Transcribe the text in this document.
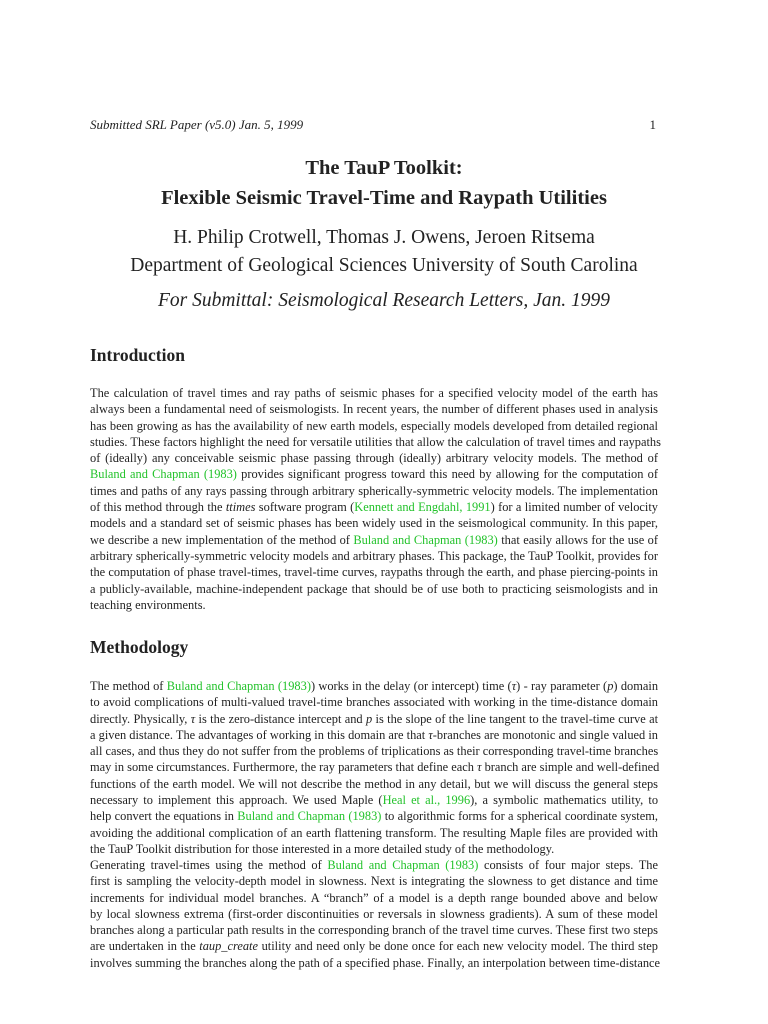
Submitted SRL Paper (v5.0) Jan. 5, 1999	1
The TauP Toolkit:
Flexible Seismic Travel-Time and Raypath Utilities
H. Philip Crotwell, Thomas J. Owens, Jeroen Ritsema
Department of Geological Sciences University of South Carolina
For Submittal: Seismological Research Letters, Jan. 1999
Introduction
The calculation of travel times and ray paths of seismic phases for a specified velocity model of the earth has
always been a fundamental need of seismologists. In recent years, the number of different phases used in analysis
has been growing as has the availability of new earth models, especially models developed from detailed regional
studies. These factors highlight the need for versatile utilities that allow the calculation of travel times and raypaths
of (ideally) any conceivable seismic phase passing through (ideally) arbitrary velocity models. The method of
Buland and Chapman (1983) provides significant progress toward this need by allowing for the computation of
times and paths of any rays passing through arbitrary spherically-symmetric velocity models. The implementation
of this method through the ttimes software program (Kennett and Engdahl, 1991) for a limited number of velocity
models and a standard set of seismic phases has been widely used in the seismological community. In this paper,
we describe a new implementation of the method of Buland and Chapman (1983) that easily allows for the use of
arbitrary spherically-symmetric velocity models and arbitrary phases. This package, the TauP Toolkit, provides for
the computation of phase travel-times, travel-time curves, raypaths through the earth, and phase piercing-points in
a publicly-available, machine-independent package that should be of use both to practicing seismologists and in
teaching environments.
Methodology
The method of Buland and Chapman (1983)) works in the delay (or intercept) time (τ) - ray parameter (p) domain
to avoid complications of multi-valued travel-time branches associated with working in the time-distance domain
directly. Physically, τ is the zero-distance intercept and p is the slope of the line tangent to the travel-time curve at
a given distance. The advantages of working in this domain are that τ-branches are monotonic and single valued in
all cases, and thus they do not suffer from the problems of triplications as their corresponding travel-time branches
may in some circumstances. Furthermore, the ray parameters that define each τ branch are simple and well-defined
functions of the earth model. We will not describe the method in any detail, but we will discuss the general steps
necessary to implement this approach. We used Maple (Heal et al., 1996), a symbolic mathematics utility, to
help convert the equations in Buland and Chapman (1983) to algorithmic forms for a spherical coordinate system,
avoiding the additional complication of an earth flattening transform. The resulting Maple files are provided with
the TauP Toolkit distribution for those interested in a more detailed study of the methodology.
Generating travel-times using the method of Buland and Chapman (1983) consists of four major steps. The
first is sampling the velocity-depth model in slowness. Next is integrating the slowness to get distance and time
increments for individual model branches. A “branch” of a model is a depth range bounded above and below
by local slowness extrema (first-order discontinuities or reversals in slowness gradients). A sum of these model
branches along a particular path results in the corresponding branch of the travel time curves. These first two steps
are undertaken in the taup_create utility and need only be done once for each new velocity model. The third step
involves summing the branches along the path of a specified phase. Finally, an interpolation between time-distance
